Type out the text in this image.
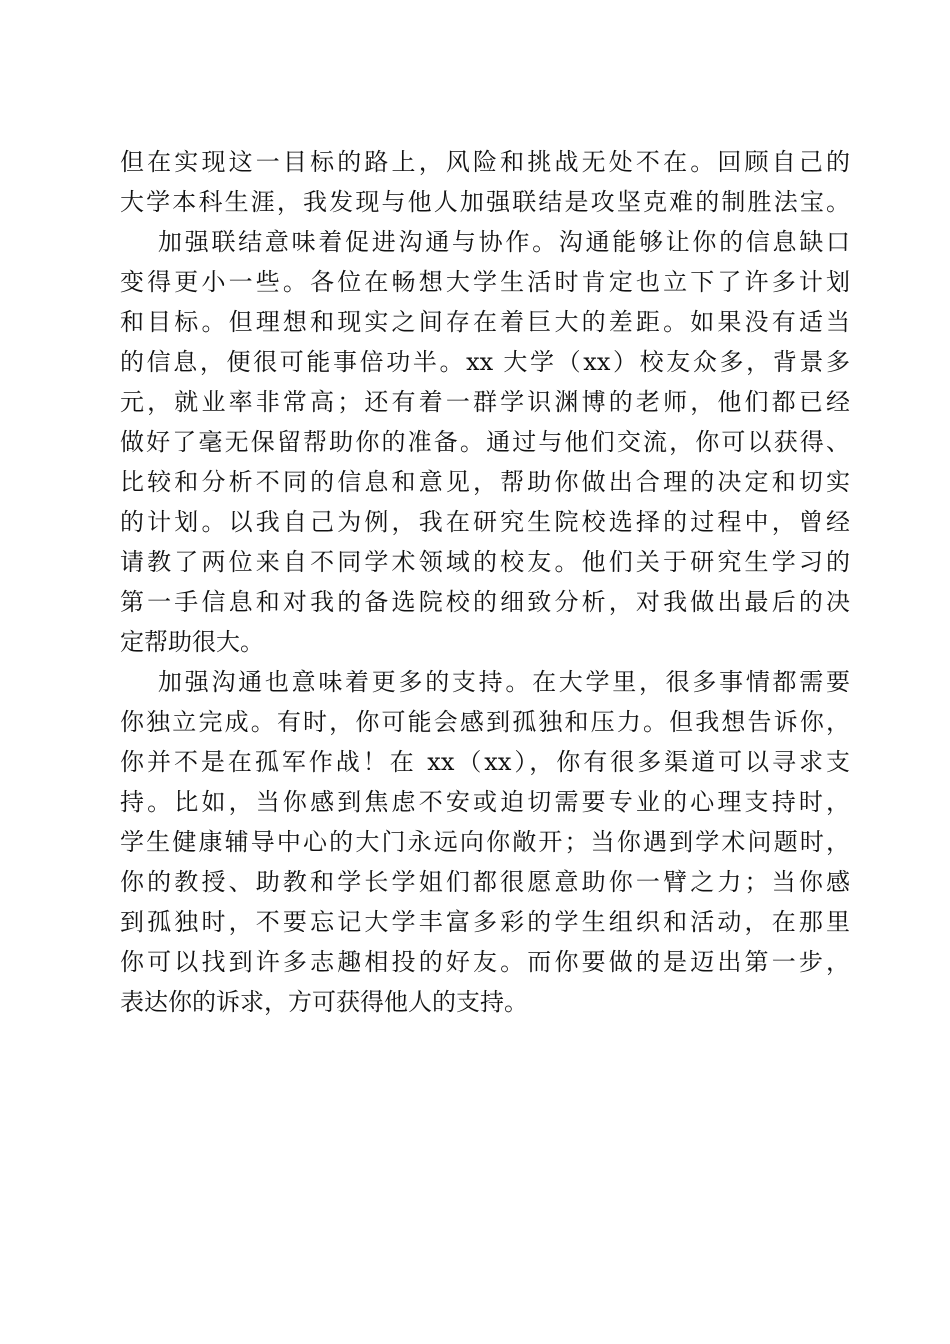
但在实现这一目标的路上，风险和挑战无处不在。回顾自己的
大学本科生涯，我发现与他人加强联结是攻坚克难的制胜法宝。
加强联结意味着促进沟通与协作。沟通能够让你的信息缺口
变得更小一些。各位在畅想大学生活时肯定也立下了许多计划
和目标。但理想和现实之间存在着巨大的差距。如果没有适当
的信息，便很可能事倍功半。xx 大学（xx）校友众多，背景多
元，就业率非常高；还有着一群学识渊博的老师，他们都已经
做好了毫无保留帮助你的准备。通过与他们交流，你可以获得、
比较和分析不同的信息和意见，帮助你做出合理的决定和切实
的计划。以我自己为例，我在研究生院校选择的过程中，曾经
请教了两位来自不同学术领域的校友。他们关于研究生学习的
第一手信息和对我的备选院校的细致分析，对我做出最后的决
定帮助很大。
加强沟通也意味着更多的支持。在大学里，很多事情都需要
你独立完成。有时，你可能会感到孤独和压力。但我想告诉你，
你并不是在孤军作战！在 xx（xx），你有很多渠道可以寻求支
持。比如，当你感到焦虑不安或迫切需要专业的心理支持时，
学生健康辅导中心的大门永远向你敞开；当你遇到学术问题时，
你的教授、助教和学长学姐们都很愿意助你一臂之力；当你感
到孤独时，不要忘记大学丰富多彩的学生组织和活动，在那里
你可以找到许多志趣相投的好友。而你要做的是迈出第一步，
表达你的诉求，方可获得他人的支持。
